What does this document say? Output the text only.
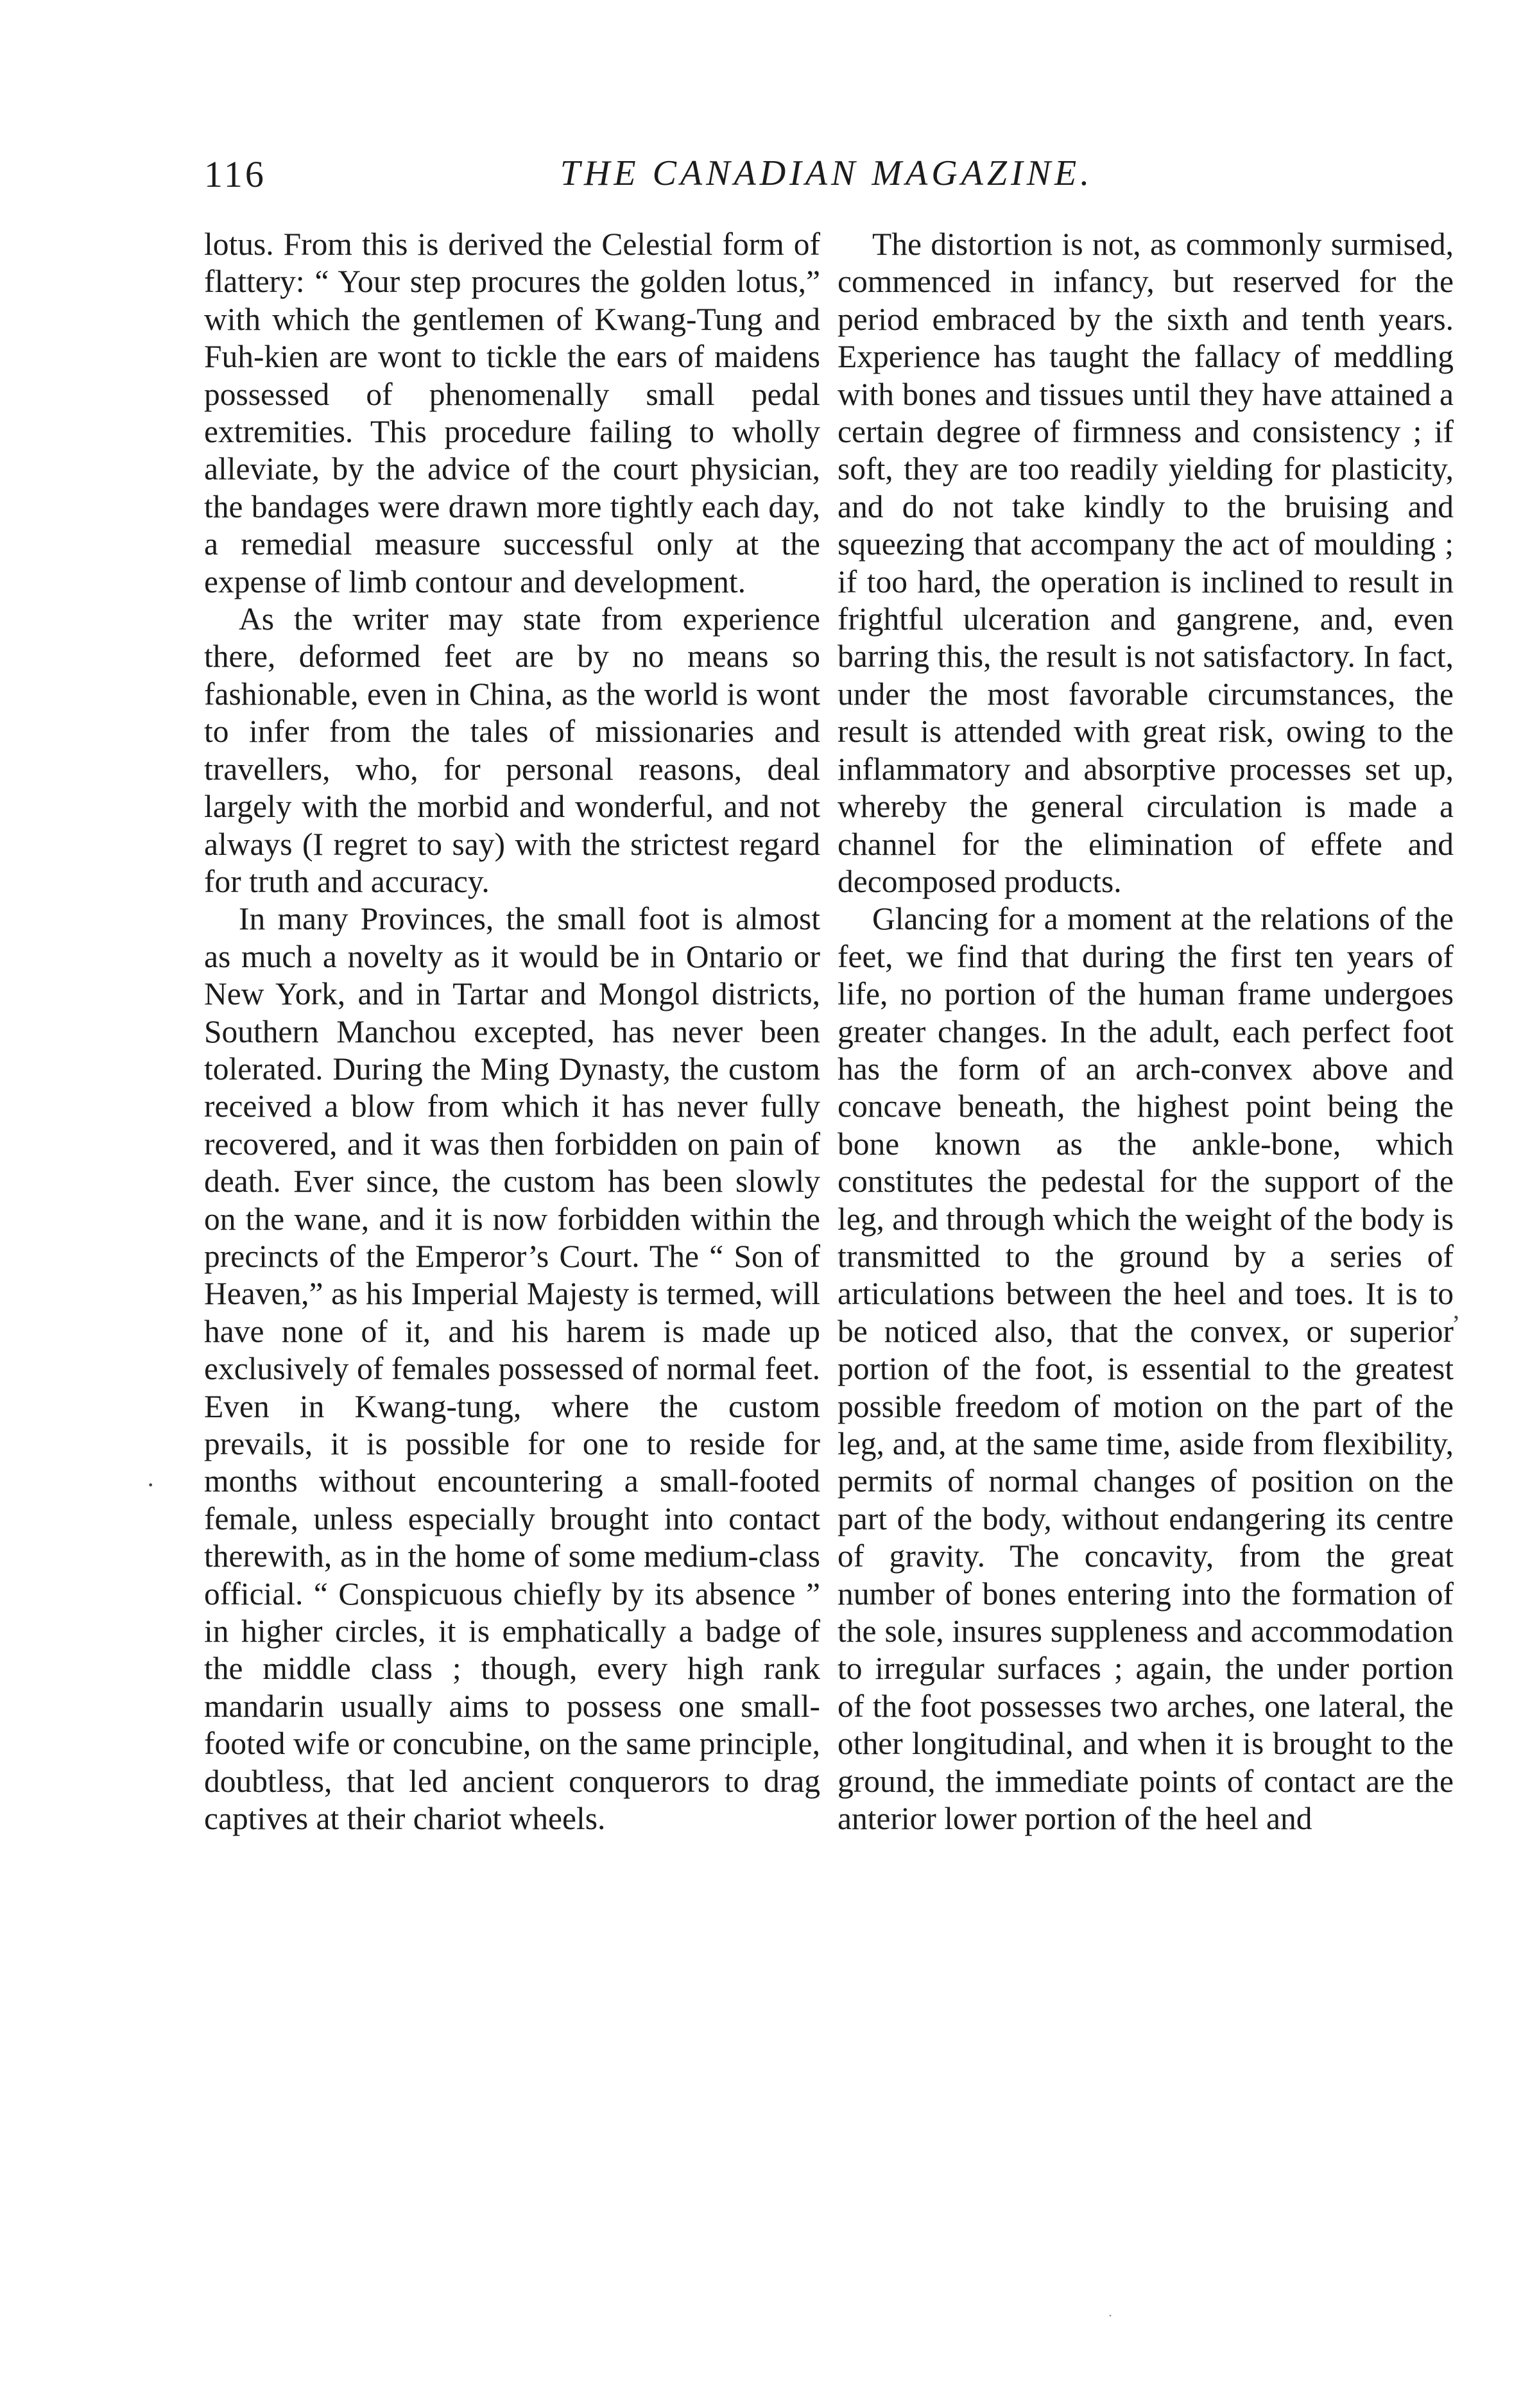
116	THE CANADIAN MAGAZINE.

lotus. From this is derived the Celestial form of flattery: “ Your step procures the golden lotus,” with which the gentlemen of Kwang-Tung and Fuh-kien are wont to tickle the ears of maidens possessed of phenomenally small pedal extremities. This procedure failing to wholly alleviate, by the advice of the court physician, the bandages were drawn more tightly each day, a remedial measure successful only at the expense of limb contour and development.

As the writer may state from experience there, deformed feet are by no means so fashionable, even in China, as the world is wont to infer from the tales of missionaries and travellers, who, for personal reasons, deal largely with the morbid and wonderful, and not always (I regret to say) with the strictest regard for truth and accuracy.

In many Provinces, the small foot is almost as much a novelty as it would be in Ontario or New York, and in Tartar and Mongol districts, Southern Manchou excepted, has never been tolerated. During the Ming Dynasty, the custom received a blow from which it has never fully recovered, and it was then forbidden on pain of death. Ever since, the custom has been slowly on the wane, and it is now forbidden within the precincts of the Emperor’s Court. The “ Son of Heaven,” as his Imperial Majesty is termed, will have none of it, and his harem is made up exclusively of females possessed of normal feet. Even in Kwang-tung, where the custom prevails, it is possible for one to reside for months without encountering a small-footed female, unless especially brought into contact therewith, as in the home of some medium-class official. “ Conspicuous chiefly by its absence ” in higher circles, it is emphatically a badge of the middle class ; though, every high rank mandarin usually aims to possess one small-footed wife or concubine, on the same principle, doubtless, that led ancient conquerors to drag captives at their chariot wheels.

The distortion is not, as commonly surmised, commenced in infancy, but reserved for the period embraced by the sixth and tenth years. Experience has taught the fallacy of meddling with bones and tissues until they have attained a certain degree of firmness and consistency ; if soft, they are too readily yielding for plasticity, and do not take kindly to the bruising and squeezing that accompany the act of moulding ; if too hard, the operation is inclined to result in frightful ulceration and gangrene, and, even barring this, the result is not satisfactory. In fact, under the most favorable circumstances, the result is attended with great risk, owing to the inflammatory and absorptive processes set up, whereby the general circulation is made a channel for the elimination of effete and decomposed products.

Glancing for a moment at the relations of the feet, we find that during the first ten years of life, no portion of the human frame undergoes greater changes. In the adult, each perfect foot has the form of an arch-convex above and concave beneath, the highest point being the bone known as the ankle-bone, which constitutes the pedestal for the support of the leg, and through which the weight of the body is transmitted to the ground by a series of articulations between the heel and toes. It is to be noticed also, that the convex, or superior portion of the foot, is essential to the greatest possible freedom of motion on the part of the leg, and, at the same time, aside from flexibility, permits of normal changes of position on the part of the body, without endangering its centre of gravity. The concavity, from the great number of bones entering into the formation of the sole, insures suppleness and accommodation to irregular surfaces ; again, the under portion of the foot possesses two arches, one lateral, the other longitudinal, and when it is brought to the ground, the immediate points of contact are the anterior lower portion of the heel and

·
ʼ
·
